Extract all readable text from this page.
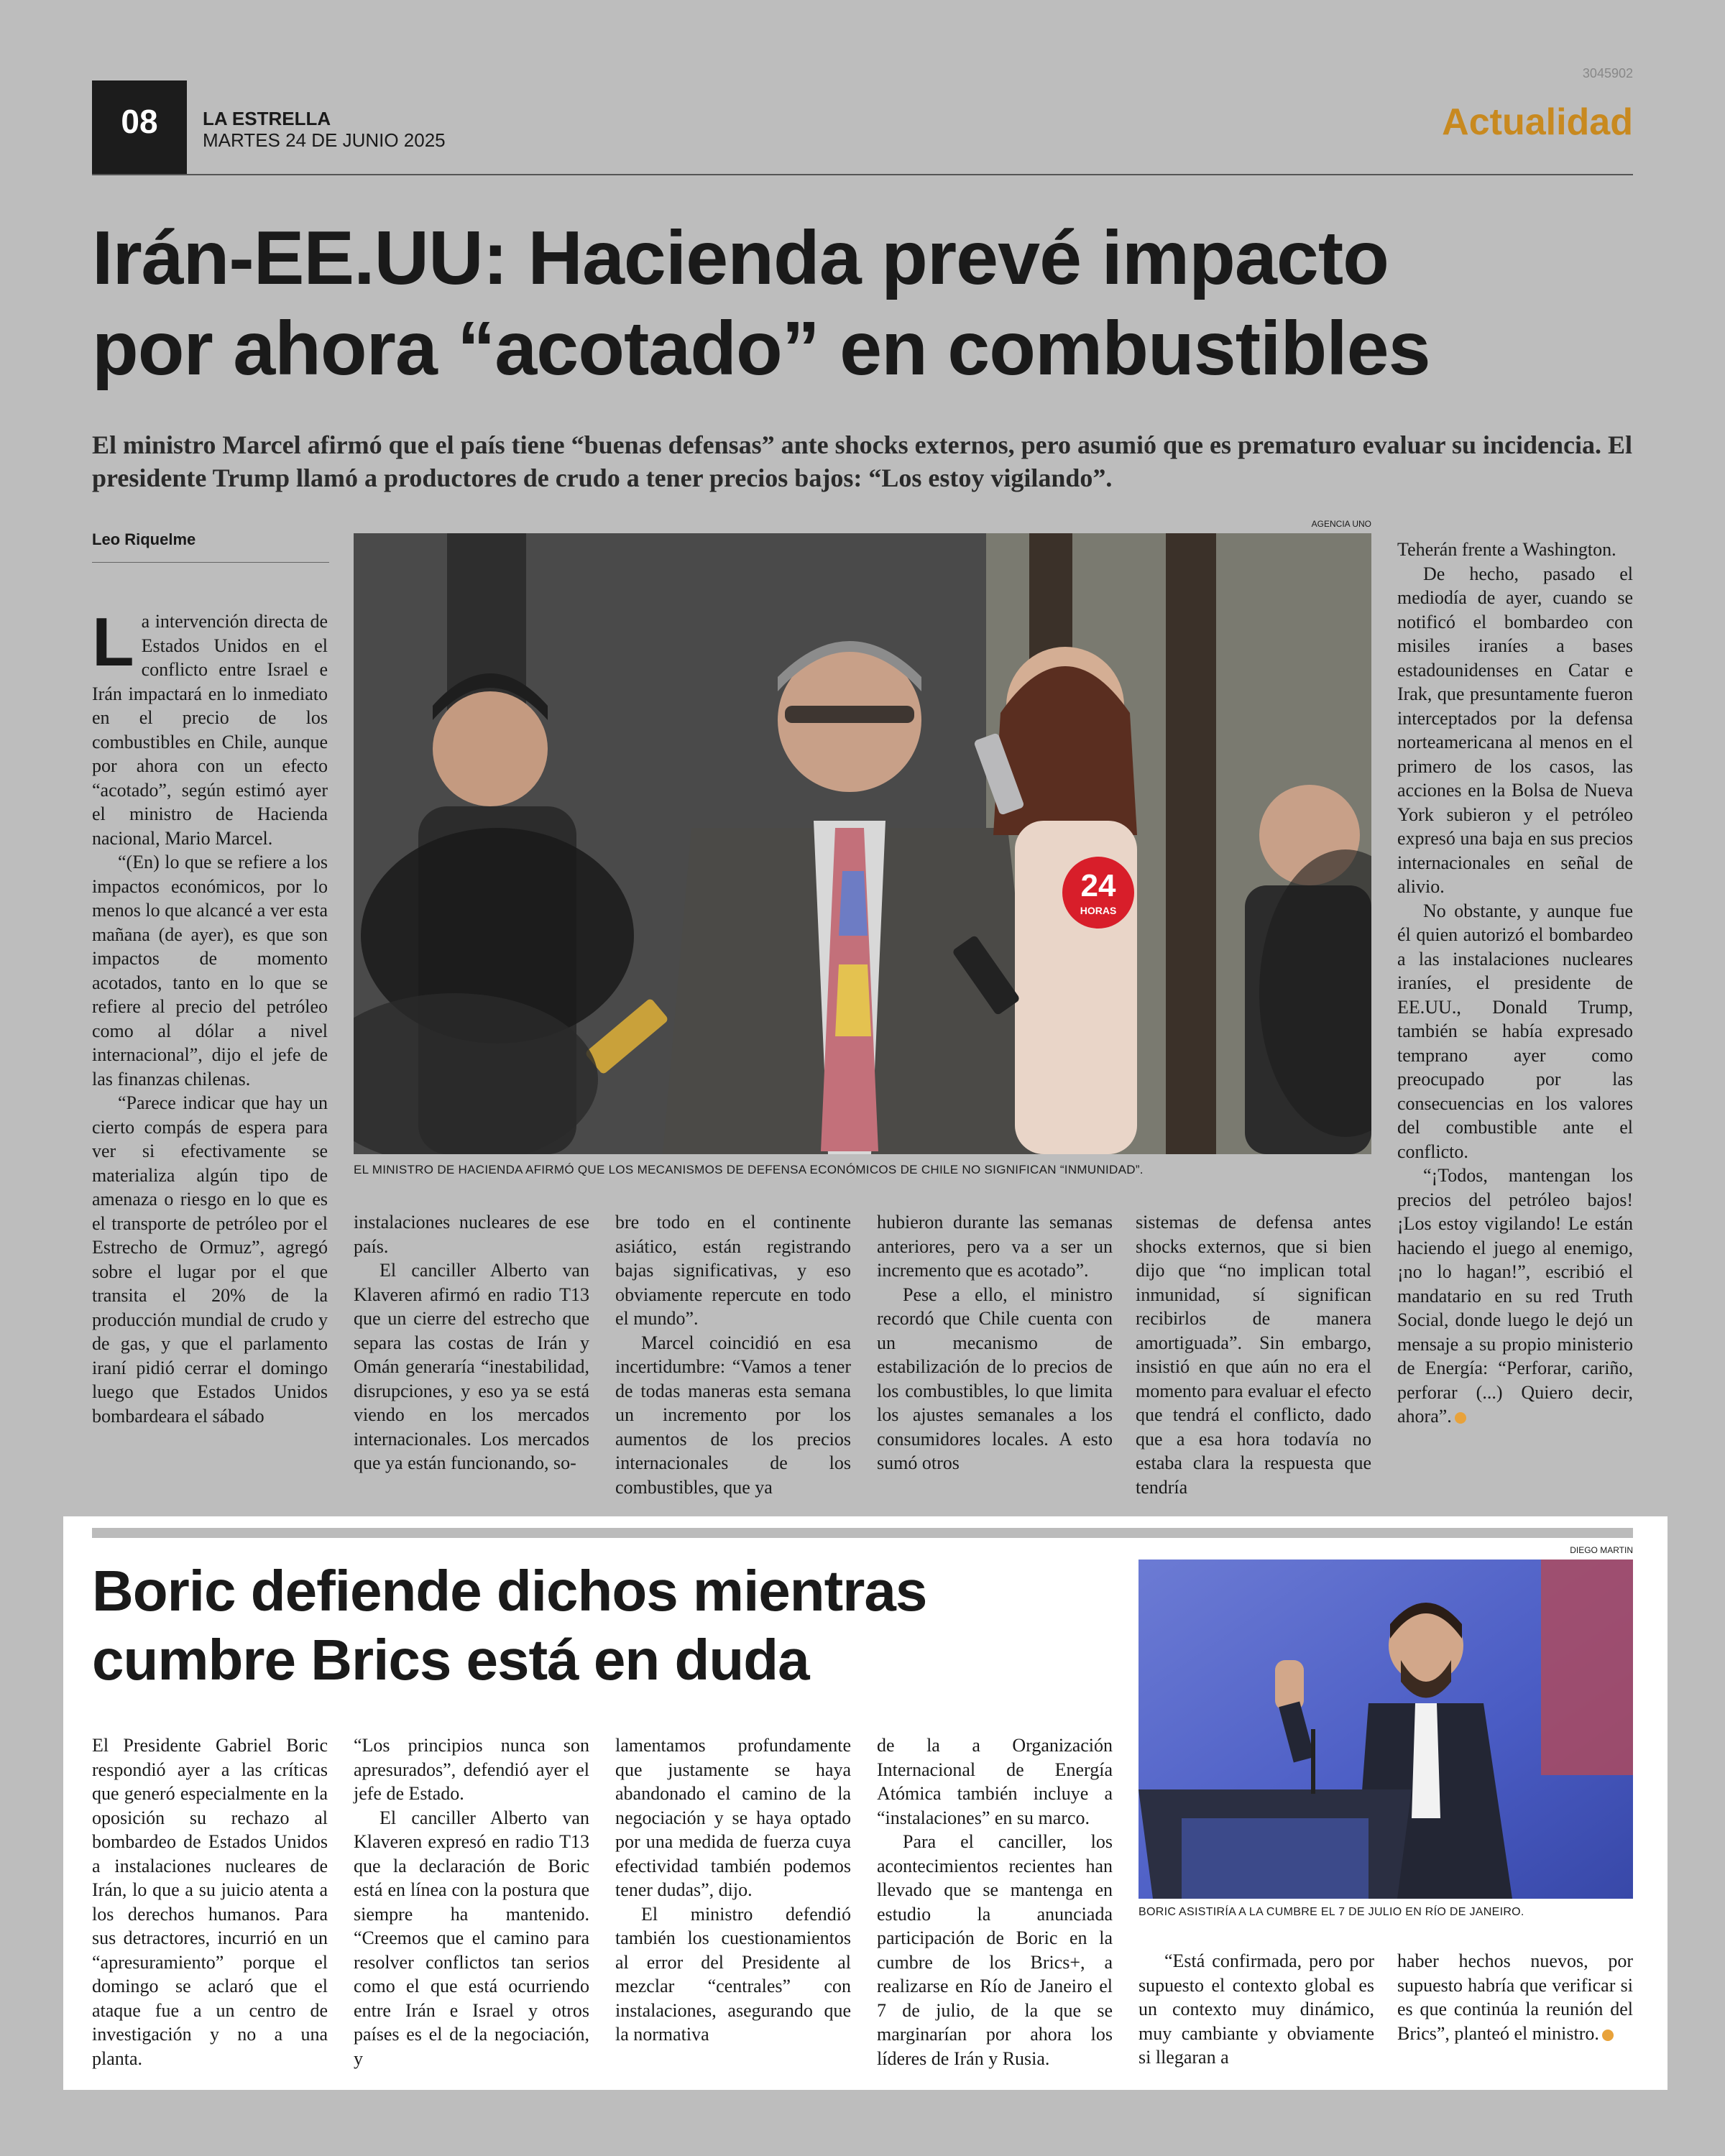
3045902
08	LA ESTRELLA
MARTES 24 DE JUNIO 2025	Actualidad
Irán-EE.UU: Hacienda prevé impacto
por ahora “acotado” en combustibles
El ministro Marcel afirmó que el país tiene “buenas defensas” ante shocks externos, pero asumió que es prematuro evaluar su incidencia. El presidente Trump llamó a productores de crudo a tener precios bajos: “Los estoy vigilando”.
Leo Riquelme
AGENCIA UNO
24
HORAS
EL MINISTRO DE HACIENDA AFIRMÓ QUE LOS MECANISMOS DE DEFENSA ECONÓMICOS DE CHILE NO SIGNIFICAN “INMUNIDAD”.

La intervención directa de Estados Unidos en el conflicto entre Israel e Irán impactará en lo inmediato en el precio de los combustibles en Chile, aunque por ahora con un efecto “acotado”, según estimó ayer el ministro de Hacienda nacional, Mario Marcel.

“(En) lo que se refiere a los impactos económicos, por lo menos lo que alcancé a ver esta mañana (de ayer), es que son impactos de momento acotados, tanto en lo que se refiere al precio del petróleo como al dólar a nivel internacional”, dijo el jefe de las finanzas chilenas.

“Parece indicar que hay un cierto compás de espera para ver si efectivamente se materializa algún tipo de amenaza o riesgo en lo que es el transporte de petróleo por el Estrecho de Ormuz”, agregó sobre el lugar por el que transita el 20% de la producción mundial de crudo y de gas, y que el parlamento iraní pidió cerrar el domingo luego que Estados Unidos bombardeara el sábado

instalaciones nucleares de ese país.

El canciller Alberto van Klaveren afirmó en radio T13 que un cierre del estrecho que separa las costas de Irán y Omán generaría “inestabilidad, disrupciones, y eso ya se está viendo en los mercados internacionales. Los mercados que ya están funcionando, so-

bre todo en el continente asiático, están registrando bajas significativas, y eso obviamente repercute en todo el mundo”.

Marcel coincidió en esa incertidumbre: “Vamos a tener de todas maneras esta semana un incremento por los aumentos de los precios internacionales de los combustibles, que ya

hubieron durante las semanas anteriores, pero va a ser un incremento que es acotado”.

Pese a ello, el ministro recordó que Chile cuenta con un mecanismo de estabilización de lo precios de los combustibles, lo que limita los ajustes semanales a los consumidores locales. A esto sumó otros

sistemas de defensa antes shocks externos, que si bien dijo que “no implican total inmunidad, sí significan recibirlos de manera amortiguada”. Sin embargo, insistió en que aún no era el momento para evaluar el efecto que tendrá el conflicto, dado que a esa hora todavía no estaba clara la respuesta que tendría

Teherán frente a Washington.

De hecho, pasado el mediodía de ayer, cuando se notificó el bombardeo con misiles iraníes a bases estadounidenses en Catar e Irak, que presuntamente fueron interceptados por la defensa norteamericana al menos en el primero de los casos, las acciones en la Bolsa de Nueva York subieron y el petróleo expresó una baja en sus precios internacionales en señal de alivio.

No obstante, y aunque fue él quien autorizó el bombardeo a las instalaciones nucleares iraníes, el presidente de EE.UU., Donald Trump, también se había expresado temprano ayer como preocupado por las consecuencias en los valores del combustible ante el conflicto.

“¡Todos, mantengan los precios del petróleo bajos! ¡Los estoy vigilando! Le están haciendo el juego al enemigo, ¡no lo hagan!”, escribió el mandatario en su red Truth Social, donde luego le dejó un mensaje a su propio ministerio de Energía: “Perforar, cariño, perforar (...) Quiero decir, ahora”.

Boric defiende dichos mientras
cumbre Brics está en duda
DIEGO MARTIN
BORIC ASISTIRÍA A LA CUMBRE EL 7 DE JULIO EN RÍO DE JANEIRO.

El Presidente Gabriel Boric respondió ayer a las críticas que generó especialmente en la oposición su rechazo al bombardeo de Estados Unidos a instalaciones nucleares de Irán, lo que a su juicio atenta a los derechos humanos. Para sus detractores, incurrió en un “apresuramiento” porque el domingo se aclaró que el ataque fue a un centro de investigación y no a una planta.

“Los principios nunca son apresurados”, defendió ayer el jefe de Estado.

El canciller Alberto van Klaveren expresó en radio T13 que la declaración de Boric está en línea con la postura que siempre ha mantenido. “Creemos que el camino para resolver conflictos tan serios como el que está ocurriendo entre Irán e Israel y otros países es el de la negociación, y

lamentamos profundamente que justamente se haya abandonado el camino de la negociación y se haya optado por una medida de fuerza cuya efectividad también podemos tener dudas”, dijo.

El ministro defendió también los cuestionamientos al error del Presidente al mezclar “centrales” con instalaciones, asegurando que la normativa

de la a Organización Internacional de Energía Atómica también incluye a “instalaciones” en su marco.

Para el canciller, los acontecimientos recientes han llevado que se mantenga en estudio la anunciada participación de Boric en la cumbre de los Brics+, a realizarse en Río de Janeiro el 7 de julio, de la que se marginarían por ahora los líderes de Irán y Rusia.

“Está confirmada, pero por supuesto el contexto global es un contexto muy dinámico, muy cambiante y obviamente si llegaran a

haber hechos nuevos, por supuesto habría que verificar si es que continúa la reunión del Brics”, planteó el ministro.
